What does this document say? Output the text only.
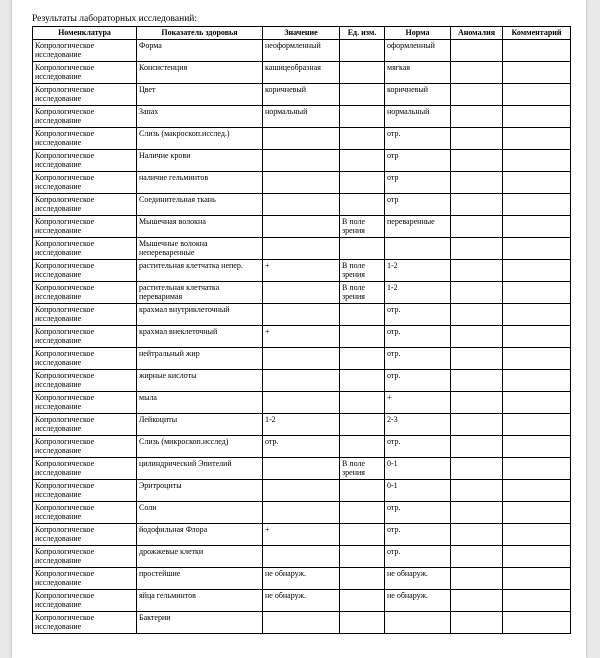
Результаты лабораторных исследований:
Номенклатура	Показатель здоровья	Значение	Ед. изм.	Норма	Аномалия	Комментарий
Копрологическое исследование	Форма	неоформленный		оформленный		
Копрологическое исследование	Консистенция	кашицеобразная		мягкая		
Копрологическое исследование	Цвет	коричневый		коричневый		
Копрологическое исследование	Запах	нормальный		нормальный		
Копрологическое исследование	Слизь (макроскоп.исслед.)			отр.		
Копрологическое исследование	Наличие крови			отр		
Копрологическое исследование	наличие гельминтов			отр		
Копрологическое исследование	Соединительная ткань			отр		
Копрологическое исследование	Мышечная волокна		В поле зрения	переваренные		
Копрологическое исследование	Мышечные волокна непереваренные					
Копрологическое исследование	растительная клетчатка непер.	+	В поле зрения	1-2		
Копрологическое исследование	растительная клетчатка переваримая		В поле зрения	1-2		
Копрологическое исследование	крахмал внутриклеточный			отр.		
Копрологическое исследование	крахмал внеклеточный	+		отр.		
Копрологическое исследование	нейтральный жир			отр.		
Копрологическое исследование	жирные кислоты			отр.		
Копрологическое исследование	мыла			+		
Копрологическое исследование	Лейкоциты	1-2		2-3		
Копрологическое исследование	Слизь (микроскоп.исслед)	отр.		отр.		
Копрологическое исследование	цилиндрический Эпителий		В поле зрения	0-1		
Копрологическое исследование	Эритроциты			0-1		
Копрологическое исследование	Соли			отр.		
Копрологическое исследование	йодофильная Флора	+		отр.		
Копрологическое исследование	дрожжевые клетки			отр.		
Копрологическое исследование	простейшие	не обнаруж.		не обнаруж.		
Копрологическое исследование	яйца гельминтов	не обнаруж.		не обнаруж.		
Копрологическое исследование	Бактерии					
